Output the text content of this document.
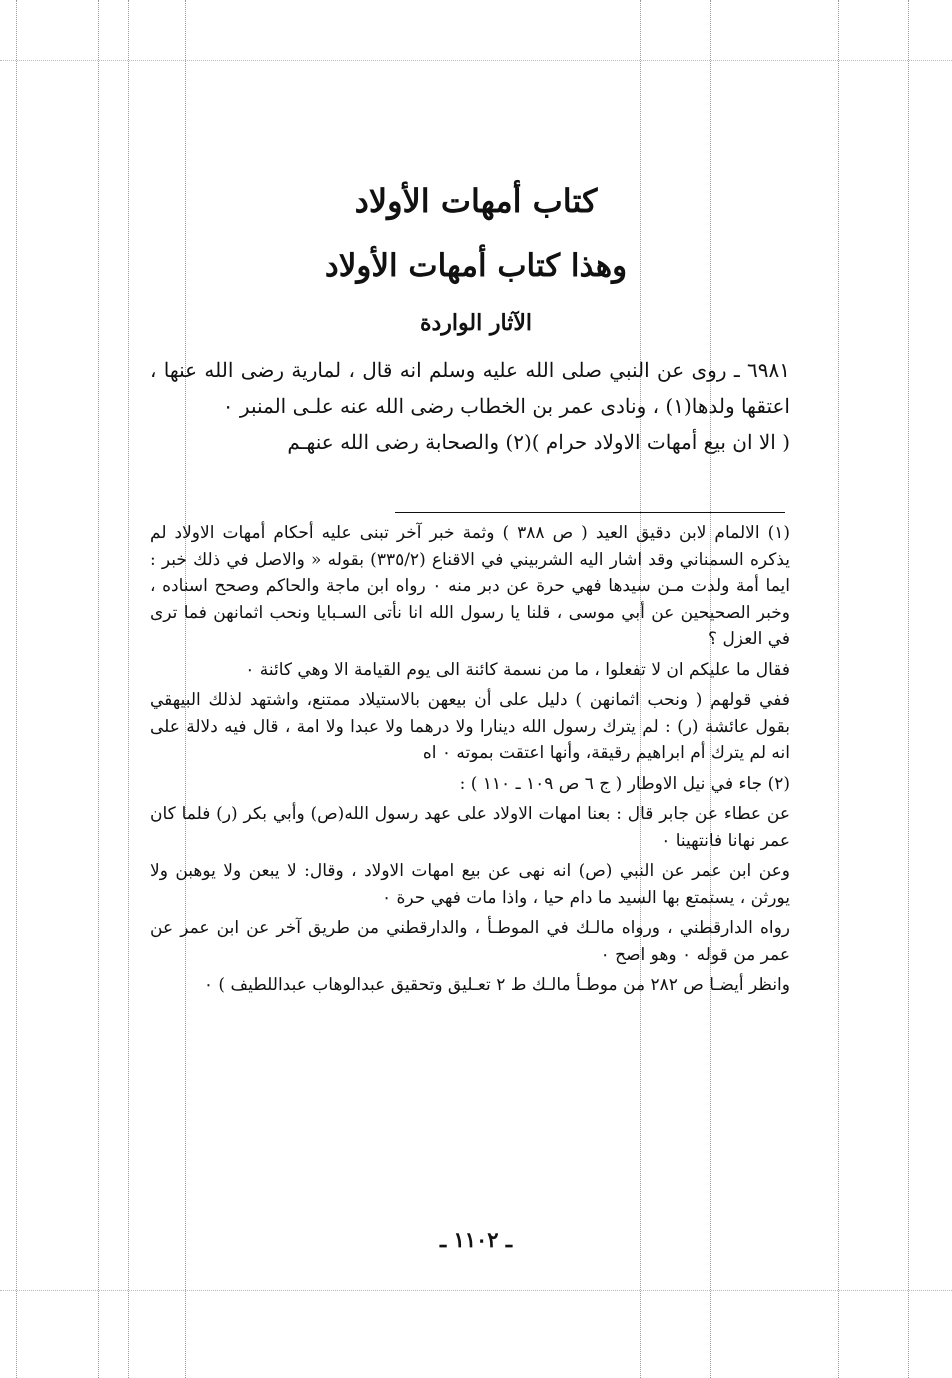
كتاب أمهات الأولاد
وهذا كتاب أمهات الأولاد
الآثار الواردة

٦٩٨١ ـ روى عن النبي صلى الله عليه وسلم انه قال ، لمارية رضى الله عنها ، اعتقها ولدها(١) ، ونادى عمر بن الخطاب رضى الله عنه علـى المنبر ٠

( الا ان بيع أمهات الاولاد حرام )(٢) والصحابة رضى الله عنهـم

(١) الالمام لابن دقيق العيد ( ص ٣٨٨ ) وثمة خبر آخر تبنى عليه أحكام أمهات الاولاد لم يذكره السمناني وقد اشار اليه الشربيني في الاقناع (٣٣٥/٢) بقوله « والاصل في ذلك خبر : ايما أمة ولدت مـن سيدها فهي حرة عن دبر منه ٠ رواه ابن ماجة والحاكم وصحح اسناده ، وخبر الصحيحين عن أبي موسى ، قلنا يا رسول الله انا نأتى السـبايا ونحب اثمانهن فما ترى في العزل ؟

فقال ما عليكم ان لا تفعلوا ، ما من نسمة كائنة الى يوم القيامة الا وهي كائنة ٠

ففي قولهم ( ونحب اثمانهن ) دليل على أن بيعهن بالاستيلاد ممتنع، واشتهد لذلك البيهقي بقول عائشة (ر) : لم يترك رسول الله دينارا ولا درهما ولا عبدا ولا امة ، قال فيه دلالة على انه لم يترك أم ابراهيم رقيقة، وأنها اعتقت بموته ٠ اه

(٢) جاء في نيل الاوطار ( ج ٦ ص ١٠٩ ـ ١١٠ ) :

عن عطاء عن جابر قال : بعنا امهات الاولاد على عهد رسول الله(ص) وأبي بكر (ر) فلما كان عمر نهانا فانتهينا ٠

وعن ابن عمر عن النبي (ص) انه نهى عن بيع امهات الاولاد ، وقال: لا يبعن ولا يوهبن ولا يورثن ، يستمتع بها السيد ما دام حيا ، واذا مات فهي حرة ٠

رواه الدارقطني ، ورواه مالـك في الموطـأ ، والدارقطني من طريق آخر عن ابن عمر عن عمر من قوله ٠ وهو اصح ٠

وانظر أيضـا ص ٢٨٢ من موطـأ مالـك ط ٢ تعـليق وتحقيق عبدالوهاب عبداللطيف ) ٠

ـ ١١٠٢ ـ
